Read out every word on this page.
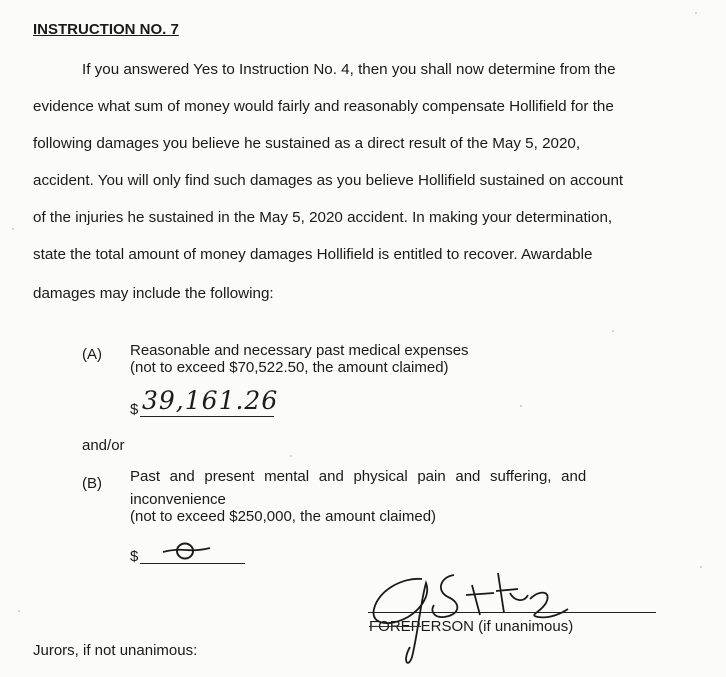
INSTRUCTION NO. 7
If you answered Yes to Instruction No. 4, then you shall now determine from the
evidence what sum of money would fairly and reasonably compensate Hollifield for the
following damages you believe he sustained as a direct result of the May 5, 2020,
accident. You will only find such damages as you believe Hollifield sustained on account
of the injuries he sustained in the May 5, 2020 accident. In making your determination,
state the total amount of money damages Hollifield is entitled to recover. Awardable
damages may include the following:
(A) Reasonable and necessary past medical expenses
(not to exceed $70,522.50, the amount claimed)
$ 39,161.26
and/or
(B) Past and present mental and physical pain and suffering, and
inconvenience
(not to exceed $250,000, the amount claimed)
$
FOREPERSON (if unanimous)
Jurors, if not unanimous:
